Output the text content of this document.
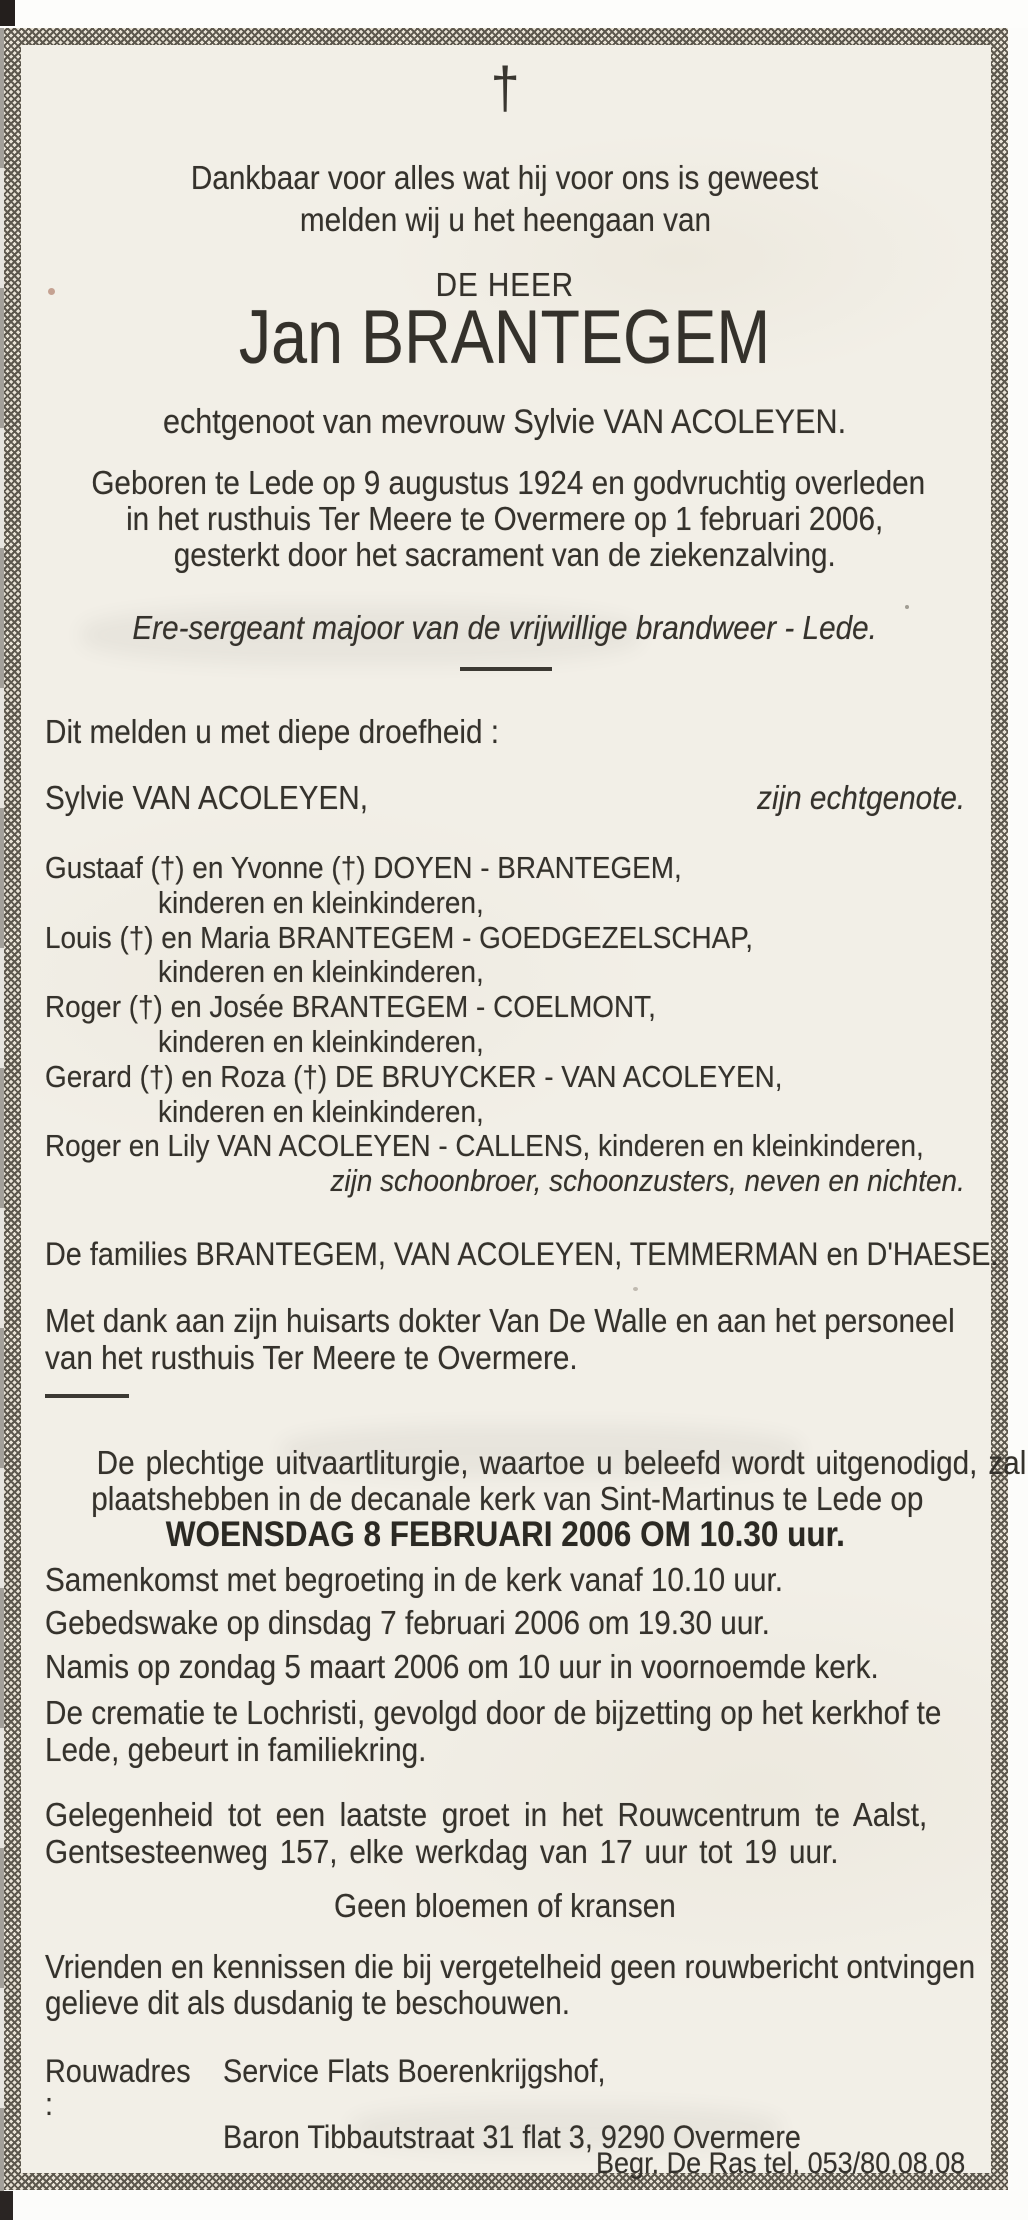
†
Dankbaar voor alles wat hij voor ons is geweest
melden wij u het heengaan van
DE HEER
Jan BRANTEGEM
echtgenoot van mevrouw Sylvie VAN ACOLEYEN.
Geboren te Lede op 9 augustus 1924 en godvruchtig overleden
in het rusthuis Ter Meere te Overmere op 1 februari 2006,
gesterkt door het sacrament van de ziekenzalving.
Ere-sergeant majoor van de vrijwillige brandweer - Lede.
Dit melden u met diepe droefheid :
Sylvie VAN ACOLEYEN,	zijn echtgenote.
Gustaaf (†) en Yvonne (†) DOYEN - BRANTEGEM,
kinderen en kleinkinderen,
Louis (†) en Maria BRANTEGEM - GOEDGEZELSCHAP,
kinderen en kleinkinderen,
Roger (†) en Josée BRANTEGEM - COELMONT,
kinderen en kleinkinderen,
Gerard (†) en Roza (†) DE BRUYCKER - VAN ACOLEYEN,
kinderen en kleinkinderen,
Roger en Lily VAN ACOLEYEN - CALLENS, kinderen en kleinkinderen,
zijn schoonbroer, schoonzusters, neven en nichten.
De families BRANTEGEM, VAN ACOLEYEN, TEMMERMAN en D'HAESE.
Met dank aan zijn huisarts dokter Van De Walle en aan het personeel
van het rusthuis Ter Meere te Overmere.
De plechtige uitvaartliturgie, waartoe u beleefd wordt uitgenodigd, zal
plaatshebben in de decanale kerk van Sint-Martinus te Lede op
WOENSDAG 8 FEBRUARI 2006 OM 10.30 uur.
Samenkomst met begroeting in de kerk vanaf 10.10 uur.
Gebedswake op dinsdag 7 februari 2006 om 19.30 uur.
Namis op zondag 5 maart 2006 om 10 uur in voornoemde kerk.
De crematie te Lochristi, gevolgd door de bijzetting op het kerkhof te
Lede, gebeurt in familiekring.
Gelegenheid tot een laatste groet in het Rouwcentrum te Aalst,
Gentsesteenweg 157, elke werkdag van 17 uur tot 19 uur.
Geen bloemen of kransen
Vrienden en kennissen die bij vergetelheid geen rouwbericht ontvingen
gelieve dit als dusdanig te beschouwen.
Rouwadres :
Service Flats Boerenkrijgshof,
Baron Tibbautstraat 31 flat 3, 9290 Overmere
Begr. De Ras tel. 053/80.08.08
